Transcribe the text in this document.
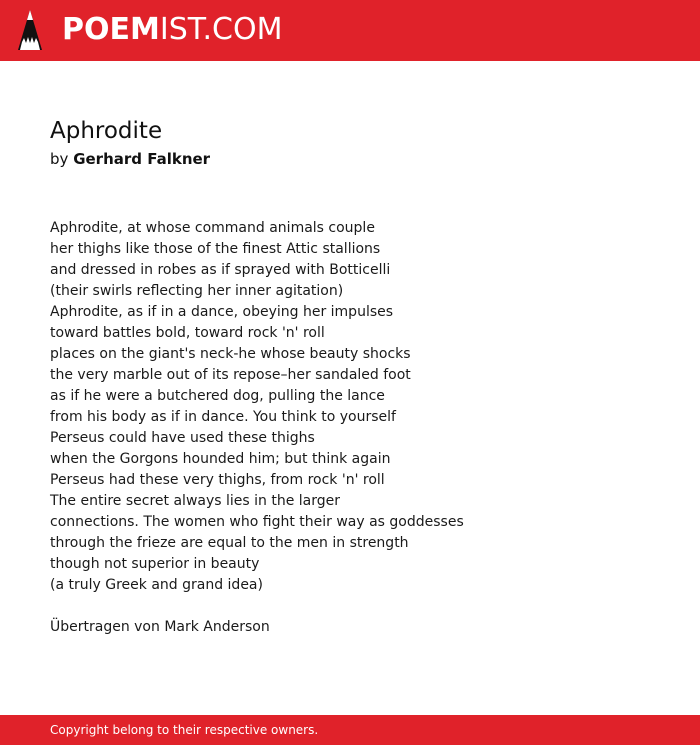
POEMIST.COM
Aphrodite
by Gerhard Falkner
Aphrodite, at whose command animals couple
her thighs like those of the finest Attic stallions
and dressed in robes as if sprayed with Botticelli
(their swirls reflecting her inner agitation)
Aphrodite, as if in a dance, obeying her impulses
toward battles bold, toward rock 'n' roll
places on the giant's neck-he whose beauty shocks
the very marble out of its repose–her sandaled foot
as if he were a butchered dog, pulling the lance
from his body as if in dance. You think to yourself
Perseus could have used these thighs
when the Gorgons hounded him; but think again
Perseus had these very thighs, from rock 'n' roll
The entire secret always lies in the larger
connections. The women who fight their way as goddesses
through the frieze are equal to the men in strength
though not superior in beauty
(a truly Greek and grand idea)
Übertragen von Mark Anderson
Copyright belong to their respective owners.
